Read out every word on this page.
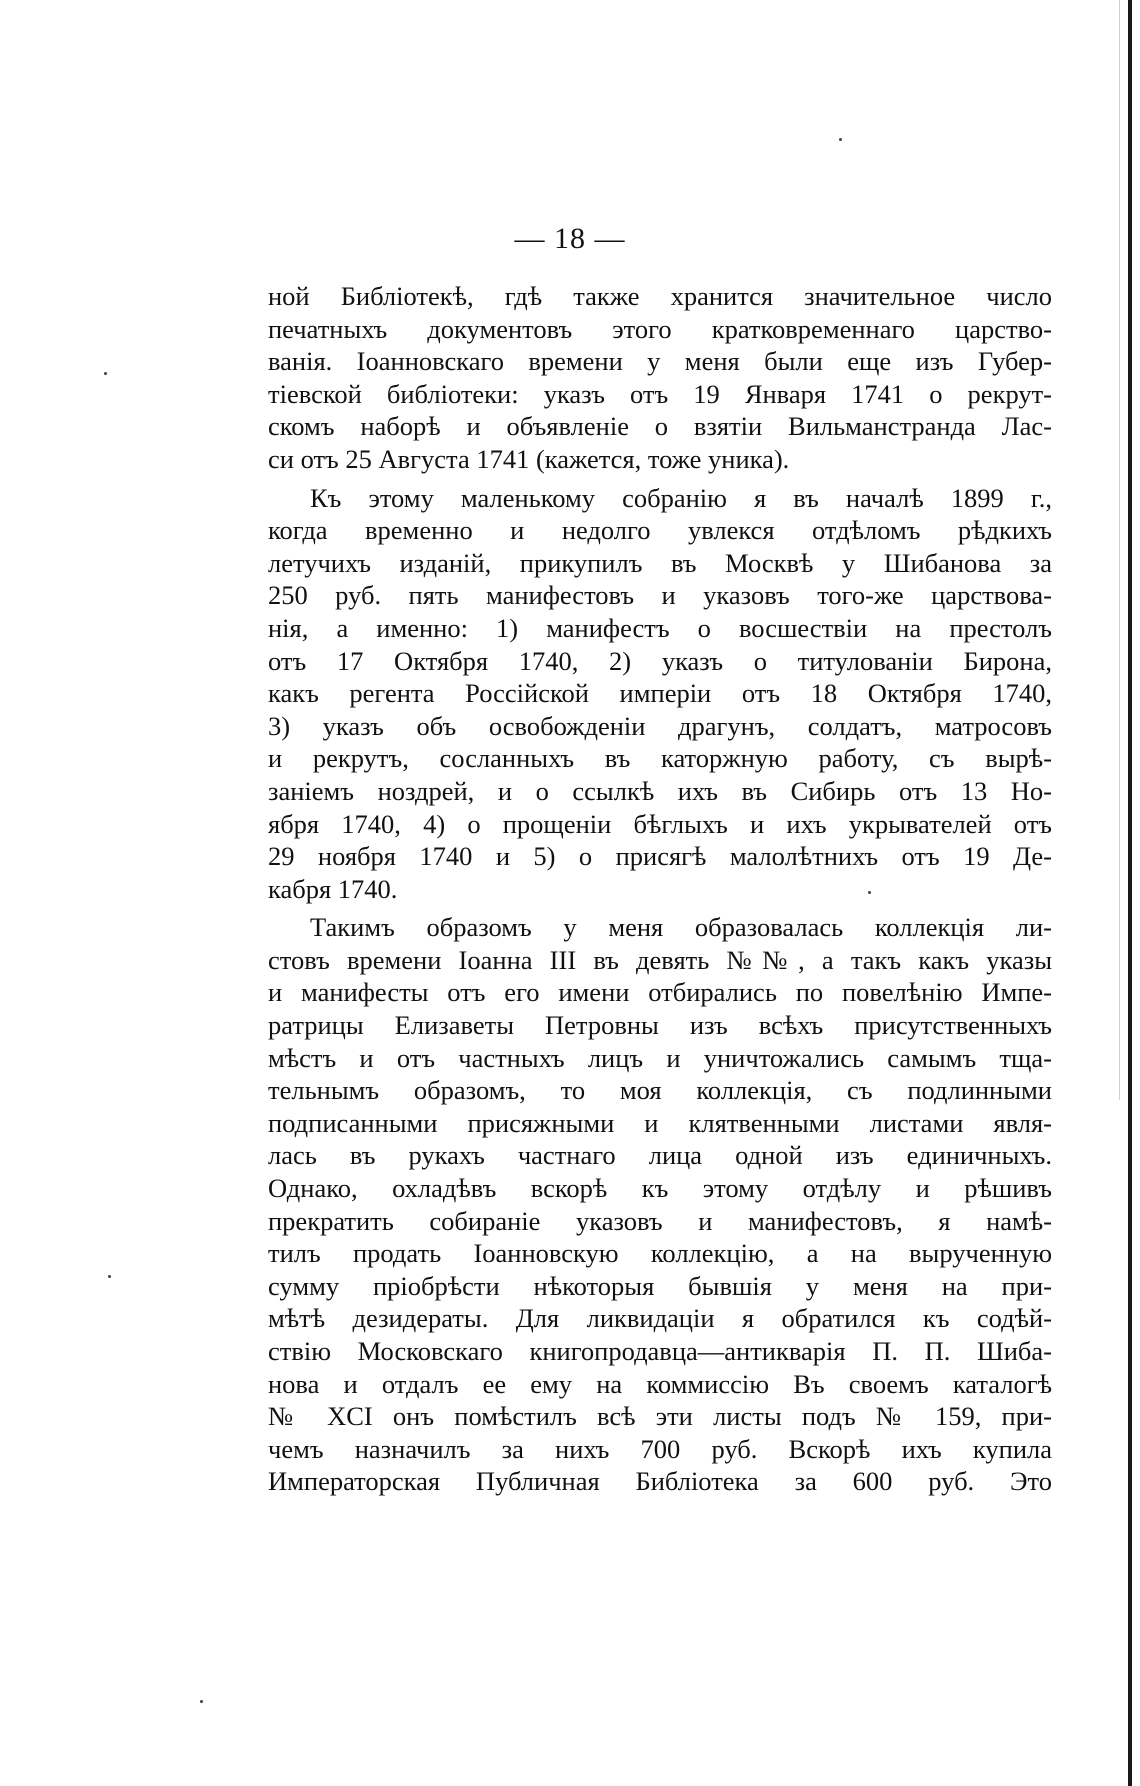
— 18 —
ной Библіотекѣ, гдѣ также хранится значительное число
печатныхъ документовъ этого кратковременнаго царство-
ванія. Іоанновскаго времени у меня были еще изъ Губер-
тіевской библіотеки: указъ отъ 19 Января 1741 о рекрут-
скомъ наборѣ и объявленіе о взятіи Вильманстранда Лас-
си отъ 25 Августа 1741 (кажется, тоже уника).
Къ этому маленькому собранію я въ началѣ 1899 г.,
когда временно и недолго увлекся отдѣломъ рѣдкихъ
летучихъ изданій, прикупилъ въ Москвѣ у Шибанова за
250 руб. пять манифестовъ и указовъ того-же царствова-
нія, а именно: 1) манифестъ о восшествіи на престолъ
отъ 17 Октября 1740, 2) указъ о титулованіи Бирона,
какъ регента Россійской имперіи отъ 18 Октября 1740,
3) указъ объ освобожденіи драгунъ, солдатъ, матросовъ
и рекрутъ, сосланныхъ въ каторжную работу, съ вырѣ-
заніемъ ноздрей, и о ссылкѣ ихъ въ Сибирь отъ 13 Но-
ября 1740, 4) о прощеніи бѣглыхъ и ихъ укрывателей отъ
29 ноября 1740 и 5) о присягѣ малолѣтнихъ отъ 19 Де-
кабря 1740.
Такимъ образомъ у меня образовалась коллекція ли-
стовъ времени Іоанна III въ девять №№, а такъ какъ указы
и манифесты отъ его имени отбирались по повелѣнію Импе-
ратрицы Елизаветы Петровны изъ всѣхъ присутственныхъ
мѣстъ и отъ частныхъ лицъ и уничтожались самымъ тща-
тельнымъ образомъ, то моя коллекція, съ подлинными
подписанными присяжными и клятвенными листами явля-
лась въ рукахъ частнаго лица одной изъ единичныхъ.
Однако, охладѣвъ вскорѣ къ этому отдѣлу и рѣшивъ
прекратить собираніе указовъ и манифестовъ, я намѣ-
тилъ продать Іоанновскую коллекцію, а на вырученную
сумму пріобрѣсти нѣкоторыя бывшія у меня на при-
мѣтѣ дезидераты. Для ликвидаціи я обратился къ содѣй-
ствію Московскаго книгопродавца—антикварія П. П. Шиба-
нова и отдалъ ее ему на коммиссію Въ своемъ каталогѣ
№ XCI онъ помѣстилъ всѣ эти листы подъ № 159, при-
чемъ назначилъ за нихъ 700 руб. Вскорѣ ихъ купила
Императорская Публичная Библіотека за 600 руб. Это
